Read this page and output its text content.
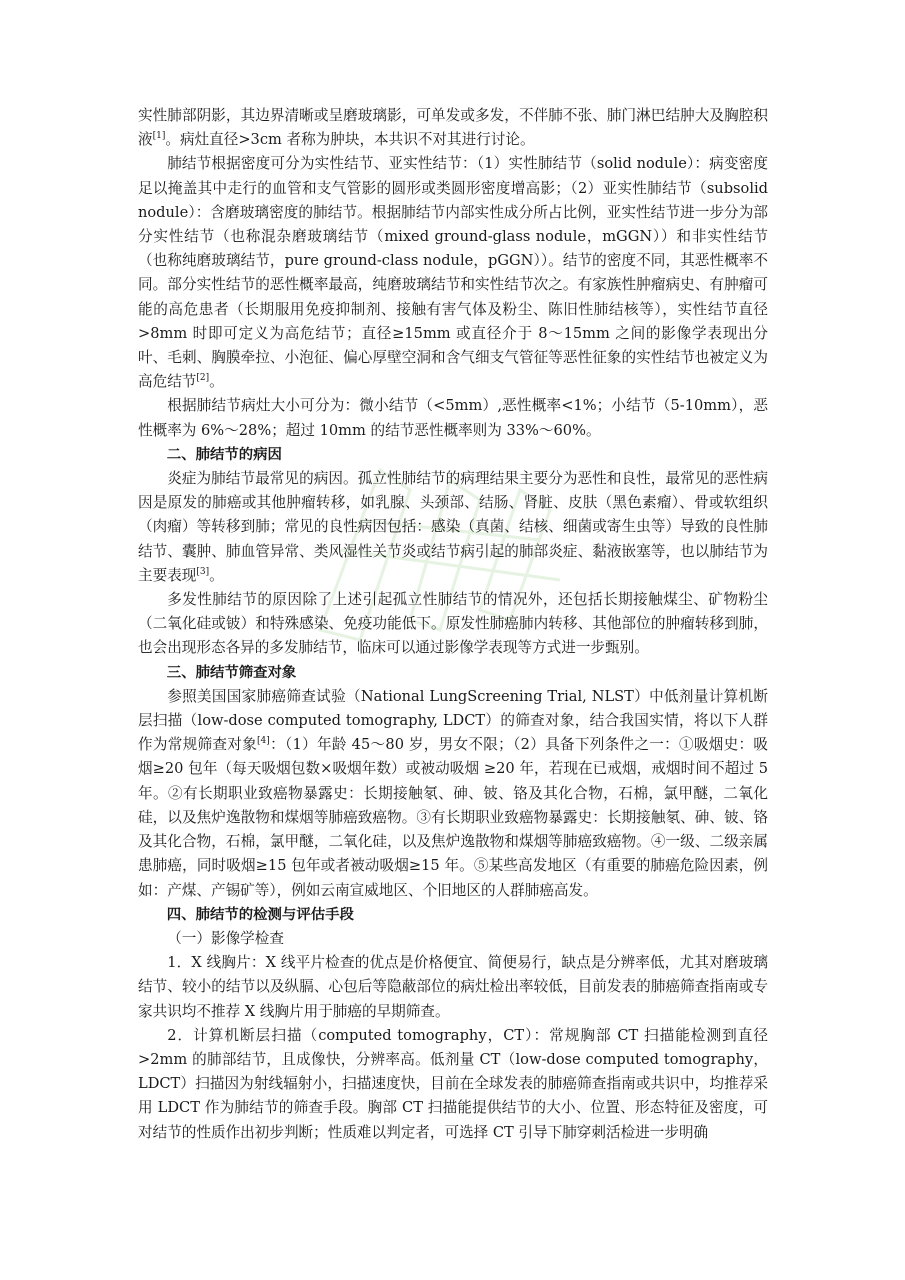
实性肺部阴影，其边界清晰或呈磨玻璃影，可单发或多发，不伴肺不张、肺门淋巴结肿大及胸腔积液[1]。病灶直径>3cm 者称为肿块，本共识不对其进行讨论。

肺结节根据密度可分为实性结节、亚实性结节：（1）实性肺结节（solid nodule）：病变密度足以掩盖其中走行的血管和支气管影的圆形或类圆形密度增高影；（2）亚实性肺结节（subsolid nodule）：含磨玻璃密度的肺结节。根据肺结节内部实性成分所占比例，亚实性结节进一步分为部分实性结节（也称混杂磨玻璃结节（mixed ground-glass nodule，mGGN））和非实性结节（也称纯磨玻璃结节，pure ground-class nodule，pGGN））。结节的密度不同，其恶性概率不同。部分实性结节的恶性概率最高，纯磨玻璃结节和实性结节次之。有家族性肿瘤病史、有肿瘤可能的高危患者（长期服用免疫抑制剂、接触有害气体及粉尘、陈旧性肺结核等），实性结节直径>8mm 时即可定义为高危结节；直径≥15mm 或直径介于 8～15mm 之间的影像学表现出分叶、毛刺、胸膜牵拉、小泡征、偏心厚壁空洞和含气细支气管征等恶性征象的实性结节也被定义为高危结节[2]。

根据肺结节病灶大小可分为：微小结节（<5mm）,恶性概率<1%；小结节（5-10mm），恶性概率为 6%～28%；超过 10mm 的结节恶性概率则为 33%～60%。

二、肺结节的病因

炎症为肺结节最常见的病因。孤立性肺结节的病理结果主要分为恶性和良性，最常见的恶性病因是原发的肺癌或其他肿瘤转移，如乳腺、头颈部、结肠、肾脏、皮肤（黑色素瘤）、骨或软组织（肉瘤）等转移到肺；常见的良性病因包括：感染（真菌、结核、细菌或寄生虫等）导致的良性肺结节、囊肿、肺血管异常、类风湿性关节炎或结节病引起的肺部炎症、黏液嵌塞等，也以肺结节为主要表现[3]。

多发性肺结节的原因除了上述引起孤立性肺结节的情况外，还包括长期接触煤尘、矿物粉尘（二氧化硅或铍）和特殊感染、免疫功能低下。原发性肺癌肺内转移、其他部位的肿瘤转移到肺，也会出现形态各异的多发肺结节，临床可以通过影像学表现等方式进一步甄别。

三、肺结节筛查对象

参照美国国家肺癌筛查试验（National LungScreening Trial, NLST）中低剂量计算机断层扫描（low-dose computed tomography, LDCT）的筛查对象，结合我国实情，将以下人群作为常规筛查对象[4]：（1）年龄 45～80 岁，男女不限；（2）具备下列条件之一：①吸烟史：吸烟≥20 包年（每天吸烟包数×吸烟年数）或被动吸烟 ≥20 年，若现在已戒烟，戒烟时间不超过 5 年。②有长期职业致癌物暴露史：长期接触氡、砷、铍、铬及其化合物，石棉，氯甲醚，二氧化硅，以及焦炉逸散物和煤烟等肺癌致癌物。③有长期职业致癌物暴露史：长期接触氡、砷、铍、铬及其化合物，石棉，氯甲醚，二氧化硅，以及焦炉逸散物和煤烟等肺癌致癌物。④一级、二级亲属患肺癌，同时吸烟≥15 包年或者被动吸烟≥15 年。⑤某些高发地区（有重要的肺癌危险因素，例如：产煤、产锡矿等），例如云南宣威地区、个旧地区的人群肺癌高发。

四、肺结节的检测与评估手段

（一）影像学检查

1．X 线胸片：X 线平片检查的优点是价格便宜、简便易行，缺点是分辨率低，尤其对磨玻璃结节、较小的结节以及纵膈、心包后等隐蔽部位的病灶检出率较低，目前发表的肺癌筛查指南或专家共识均不推荐 X 线胸片用于肺癌的早期筛查。

2．计算机断层扫描（computed tomography，CT）：常规胸部 CT 扫描能检测到直径>2mm 的肺部结节，且成像快，分辨率高。低剂量 CT（low-dose computed tomography，LDCT）扫描因为射线辐射小，扫描速度快，目前在全球发表的肺癌筛查指南或共识中，均推荐采用 LDCT 作为肺结节的筛查手段。胸部 CT 扫描能提供结节的大小、位置、形态特征及密度，可对结节的性质作出初步判断；性质难以判定者，可选择 CT 引导下肺穿刺活检进一步明确
